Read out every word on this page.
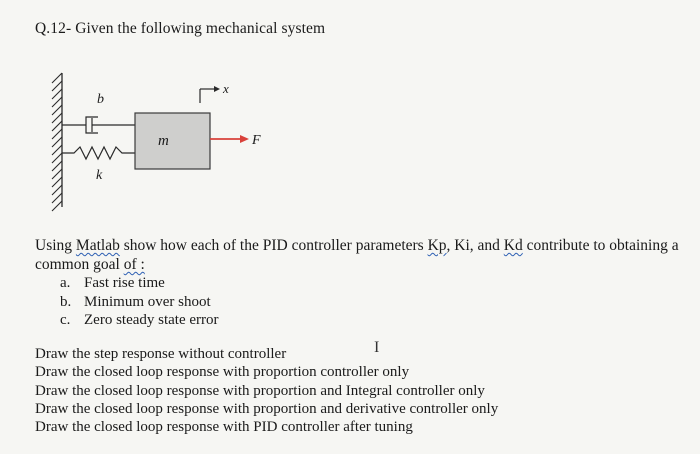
Q.12- Given the following mechanical system
b
k
m	F
x
Using Matlab show how each of the PID controller parameters Kp, Ki, and Kd contribute to obtaining a common goal of :
a. Fast rise time
b. Minimum over shoot
c. Zero steady state error
I
Draw the step response without controller
Draw the closed loop response with proportion controller only
Draw the closed loop response with proportion and Integral controller only
Draw the closed loop response with proportion and derivative controller only
Draw the closed loop response with PID controller after tuning
